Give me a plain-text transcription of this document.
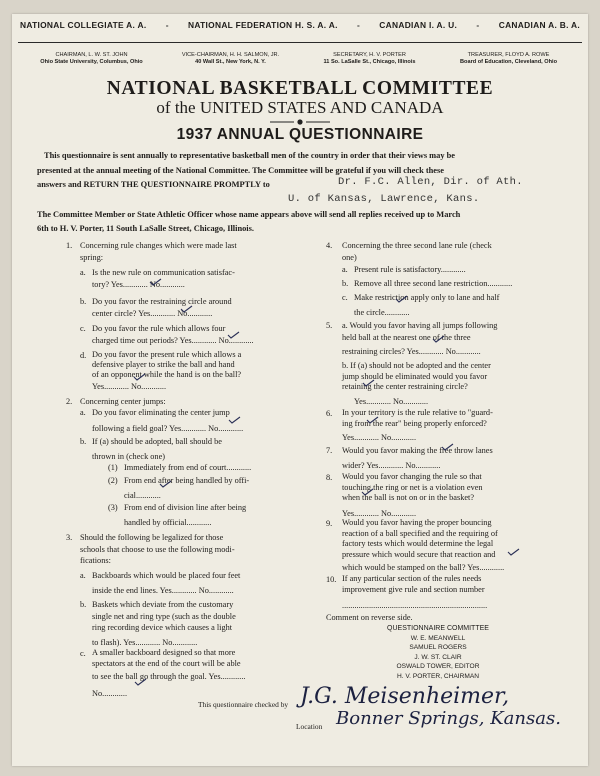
NATIONAL COLLEGIATE A. A. - NATIONAL FEDERATION H. S. A. A. - CANADIAN I. A. U. - CANADIAN A. B. A.
CHAIRMAN, L. W. ST. JOHN
Ohio State University, Columbus, Ohio
VICE-CHAIRMAN, H. H. SALMON, JR.
40 Wall St., New York, N. Y.
SECRETARY, H. V. PORTER
11 So. LaSalle St., Chicago, Illinois
TREASURER, FLOYD A. ROWE
Board of Education, Cleveland, Ohio
NATIONAL BASKETBALL COMMITTEE
of the UNITED STATES AND CANADA
1937 ANNUAL QUESTIONNAIRE
This questionnaire is sent annually to representative basketball men of the country in order that their views may be
presented at the annual meeting of the National Committee. The Committee will be grateful if you will check these
answers and RETURN THE QUESTIONNAIRE PROMPTLY to	Dr. F.C. Allen, Dir. of Ath.
U. of Kansas, Lawrence, Kans.
The Committee Member or State Athletic Officer whose name appears above will send all replies received up to March
6th to H. V. Porter, 11 South LaSalle Street, Chicago, Illinois.
1. Concerning rule changes which were made last
spring:
a. Is the new rule on communication satisfac-
tory? Yes............ No............
b. Do you favor the restraining circle around
center circle? Yes............ No............
c. Do you favor the rule which allows four
charged time out periods? Yes............ No............
d. Do you favor the present rule which allows a
defensive player to strike the ball and hand
of an opponent while the hand is on the ball?
Yes............ No............
2. Concerning center jumps:
a. Do you favor eliminating the center jump
following a field goal? Yes............ No............
b. If (a) should be adopted, ball should be
thrown in (check one)
(1) Immediately from end of court............
(2) From end after being handled by offi-
cial............
(3) From end of division line after being
handled by official............
3. Should the following be legalized for those
schools that choose to use the following modi-
fications:
a. Backboards which would be placed four feet
inside the end lines. Yes............ No............
b. Baskets which deviate from the customary
single net and ring type (such as the double
ring recording device which causes a light
to flash). Yes............ No............
c. A smaller backboard designed so that more
spectators at the end of the court will be able
to see the ball go through the goal. Yes............
No............
4. Concerning the three second lane rule (check
one)
a. Present rule is satisfactory............
b. Remove all three second lane restriction............
c. Make restriction apply only to lane and half
the circle............
5. a. Would you favor having all jumps following
held ball at the nearest one of the three
restraining circles? Yes............ No............
b. If (a) should not be adopted and the center
jump should be eliminated would you favor
retaining the center restraining circle?
Yes............ No............
6. In your territory is the rule relative to "guard-
ing from the rear" being properly enforced?
Yes............ No............
7. Would you favor making the free throw lanes
wider? Yes............ No............
8. Would you favor changing the rule so that
touching the ring or net is a violation even
when the ball is not on or in the basket?
Yes............ No............
9. Would you favor having the proper bouncing
reaction of a ball specified and the requiring of
factory tests which would determine the legal
pressure which would secure that reaction and
which would be stamped on the ball? Yes............
10. If any particular section of the rules needs
improvement give rule and section number
......................................................................
Comment on reverse side.
QUESTIONNAIRE COMMITTEE
W. E. MEANWELL
SAMUEL ROGERS
J. W. ST. CLAIR
OSWALD TOWER, EDITOR
H. V. PORTER, CHAIRMAN
This questionnaire checked by
Location
J.G. Meisenheimer,
Bonner Springs, Kansas.
